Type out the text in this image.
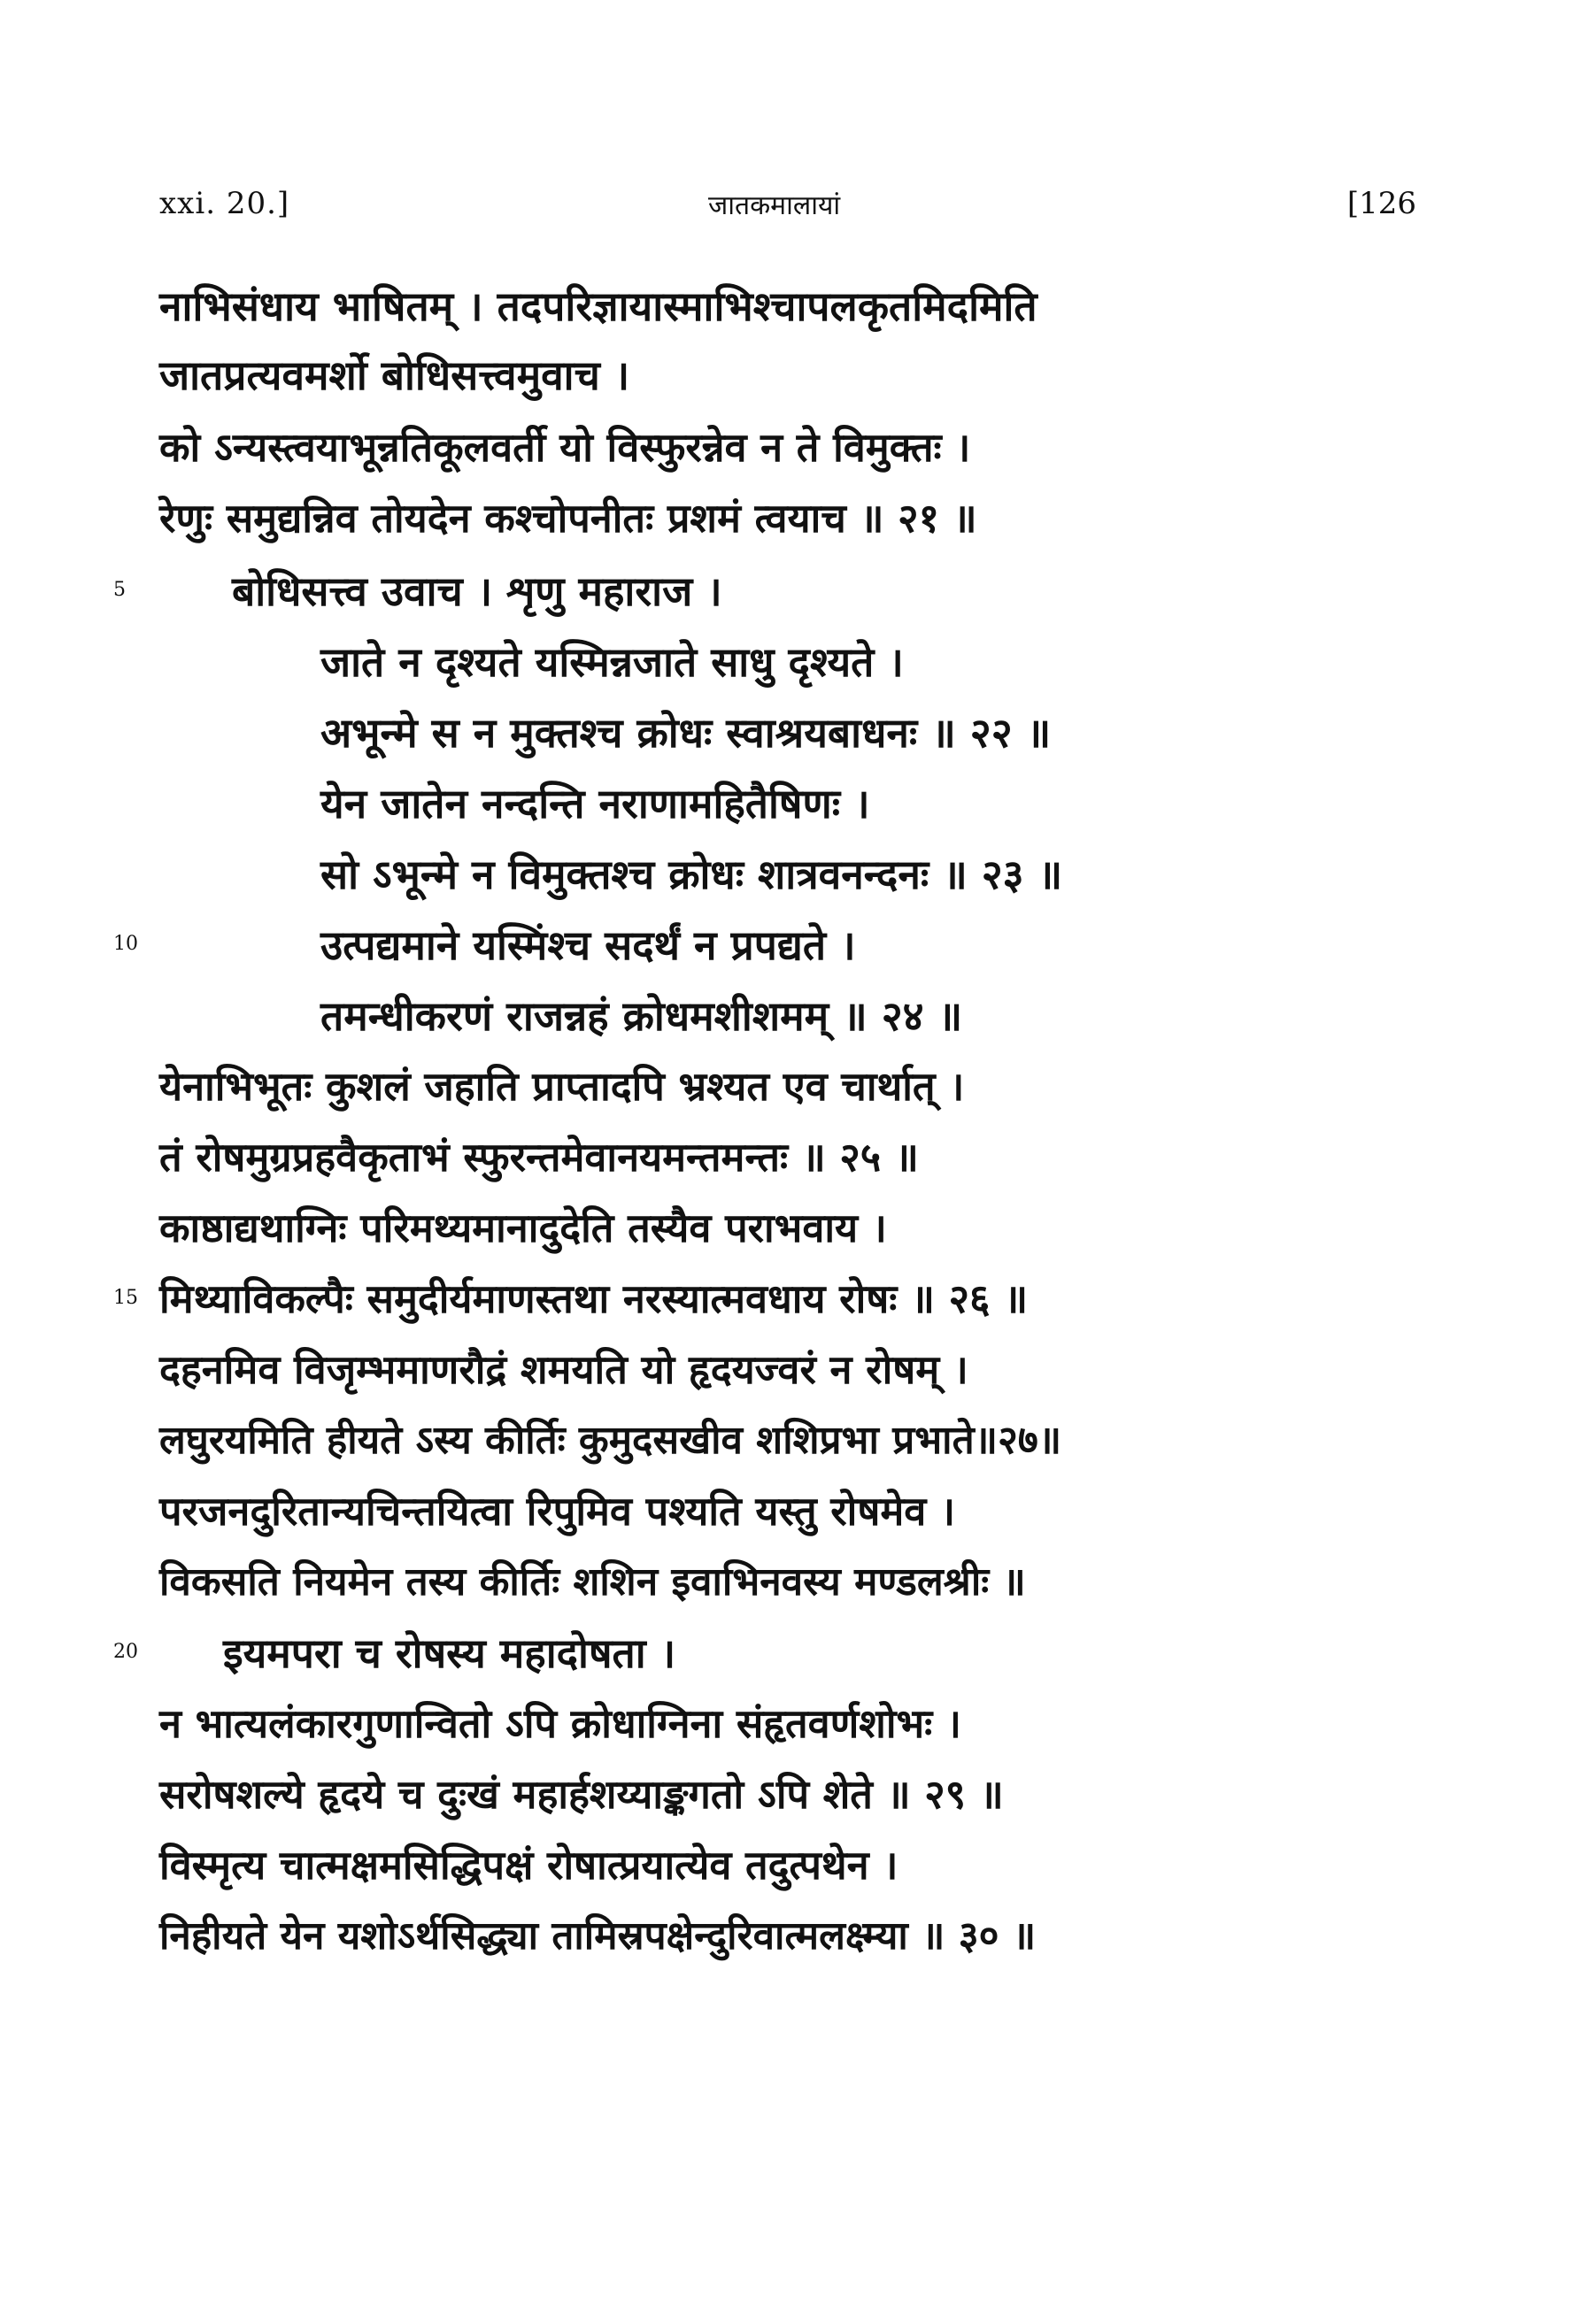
xxi. 20.]	जातकमालायां	[126
नाभिसंधाय भाषितम् । तदपरिज्ञायास्माभिश्चापलकृतमिदमिति
जातप्रत्यवमर्शो बोधिसत्त्वमुवाच ।
को ऽन्यस्त्वयाभून्नतिकूलवर्ती यो विस्फुरन्नेव न ते विमुक्तः ।
रेणुः समुद्यन्निव तोयदेन कश्चोपनीतः प्रशमं त्वयाच ॥ २१ ॥
5	बोधिसत्त्व उवाच । शृणु महाराज ।
जाते न दृश्यते यस्मिन्नजाते साधु दृश्यते ।
अभून्मे स न मुक्तश्च क्रोधः स्वाश्रयबाधनः ॥ २२ ॥
येन जातेन नन्दन्ति नराणामहितैषिणः ।
सो ऽभून्मे न विमुक्तश्च क्रोधः शात्रवनन्दनः ॥ २३ ॥
10	उत्पद्यमाने यस्मिंश्च सदर्थं न प्रपद्यते ।
तमन्धीकरणं राजन्नहं क्रोधमशीशमम् ॥ २४ ॥
येनाभिभूतः कुशलं जहाति प्राप्तादपि भ्रश्यत एव चार्थात् ।
तं रोषमुग्रप्रहवैकृताभं स्फुरन्तमेवानयमन्तमन्तः ॥ २५ ॥
काष्ठाद्यथाग्निः परिमथ्यमानादुदेति तस्यैव पराभवाय ।
15 मिथ्याविकल्पैः समुदीर्यमाणस्तथा नरस्यात्मवधाय रोषः ॥ २६ ॥
दहनमिव विजृम्भमाणरौद्रं शमयति यो हृदयज्वरं न रोषम् ।
लघुरयमिति हीयते ऽस्य कीर्तिः कुमुदसखीव शशिप्रभा प्रभाते॥२७॥
परजनदुरितान्यचिन्तयित्वा रिपुमिव पश्यति यस्तु रोषमेव ।
विकसति नियमेन तस्य कीर्तिः शशिन इवाभिनवस्य मण्डलश्रीः ॥
20 इयमपरा च रोषस्य महादोषता ।
न भात्यलंकारगुणान्वितो ऽपि क्रोधाग्निना संहृतवर्णशोभः ।
सरोषशल्ये हृदये च दुःखं महार्हशय्याङ्कगतो ऽपि शेते ॥ २९ ॥
विस्मृत्य चात्मक्षमसिद्धिपक्षं रोषात्प्रयात्येव तदुत्पथेन ।
निहीयते येन यशोऽर्थसिद्ध्या तामिस्रपक्षेन्दुरिवात्मलक्ष्म्या ॥ ३० ॥
